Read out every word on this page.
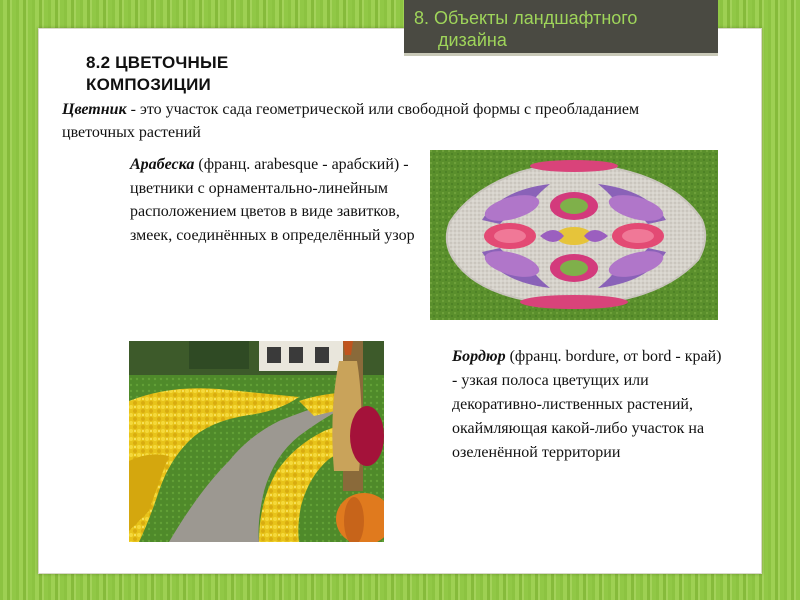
8. Объекты ландшафтного
дизайна
8.2 ЦВЕТОЧНЫЕ
КОМПОЗИЦИИ
Цветник - это участок сада геометрической или свободной формы с преобладанием цветочных растений
Арабеска (франц. arabesque - арабский) - цветники с орнаментально-линейным расположением цветов в виде завитков, змеек, соединённых в определённый узор
Бордюр (франц. bordure, от bord - край) - узкая полоса цветущих или декоративно-лиственных растений, окаймляющая какой-либо участок на озеленённой территории
